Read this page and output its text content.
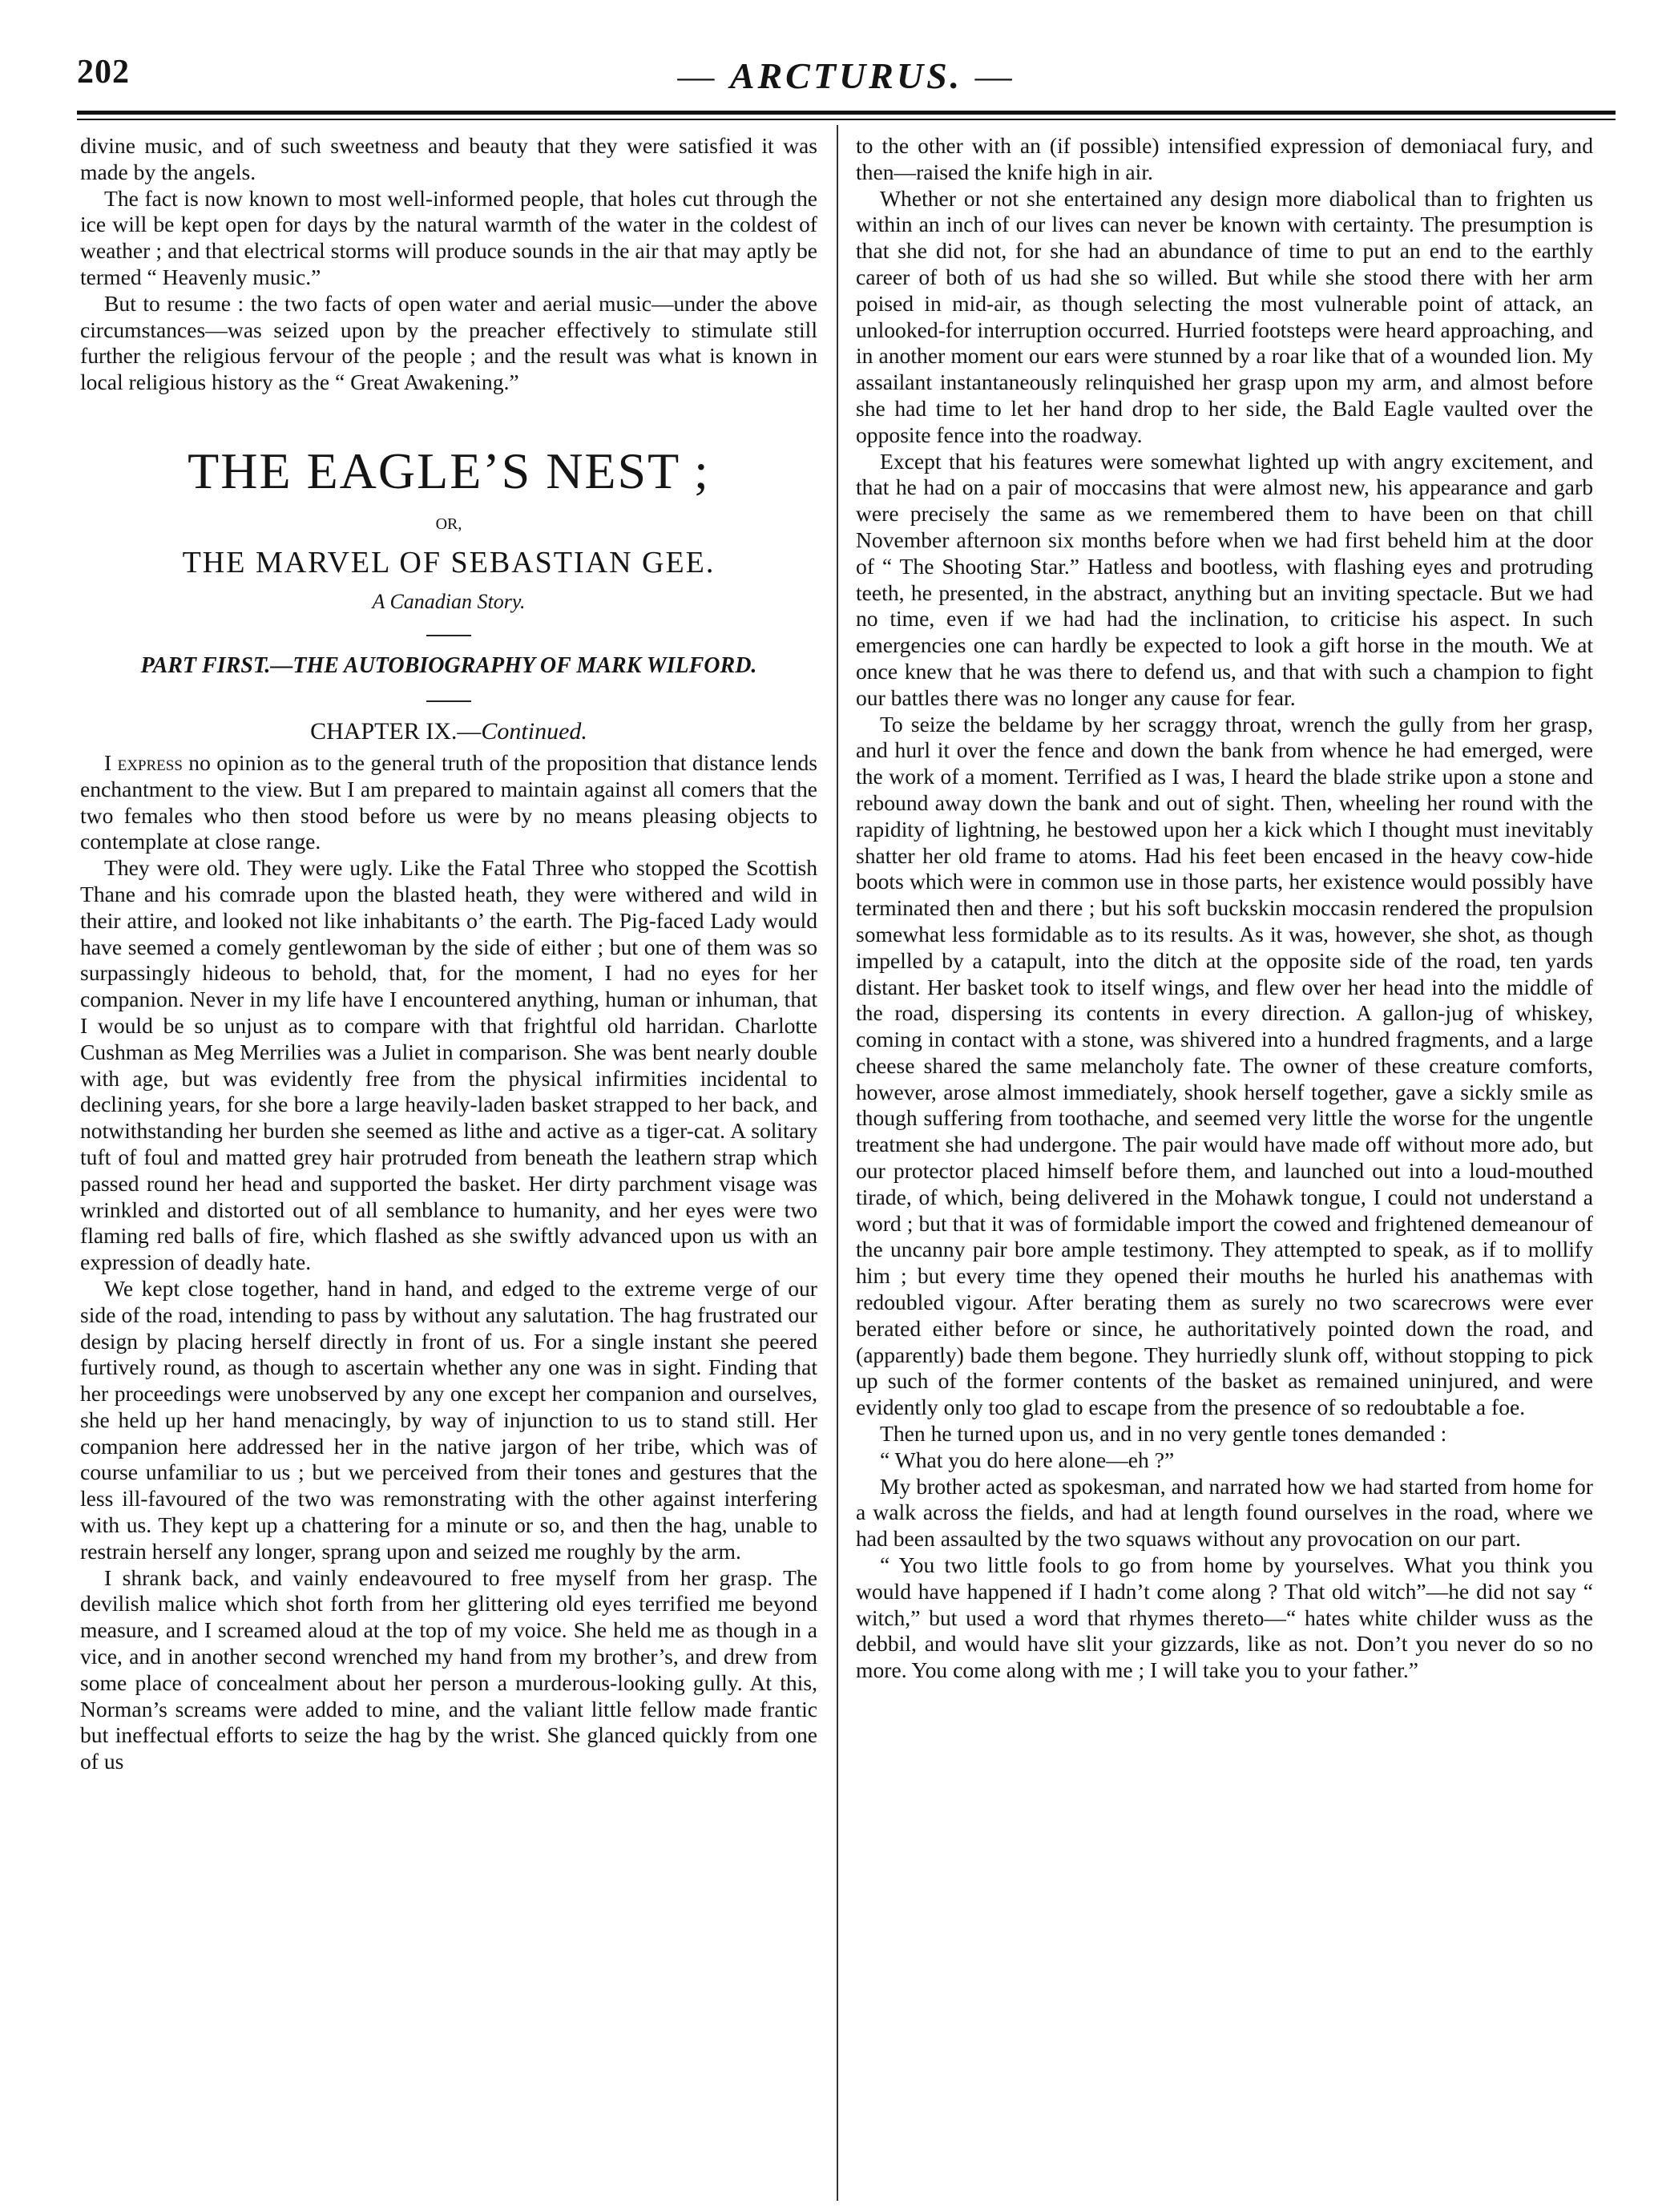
202	— ARCTURUS. —

divine music, and of such sweetness and beauty that they were satisfied it was made by the angels.

The fact is now known to most well-informed people, that holes cut through the ice will be kept open for days by the natural warmth of the water in the coldest of weather ; and that electrical storms will produce sounds in the air that may aptly be termed “ Heavenly music.”

But to resume : the two facts of open water and aerial music—under the above circumstances—was seized upon by the preacher effectively to stimulate still further the religious fervour of the people ; and the result was what is known in local religious history as the “ Great Awakening.”

THE EAGLE’S NEST ;
OR,
THE MARVEL OF SEBASTIAN GEE.
A Canadian Story.
PART FIRST.—THE AUTOBIOGRAPHY OF MARK WILFORD.
CHAPTER IX.—Continued.

I express no opinion as to the general truth of the proposition that distance lends enchantment to the view. But I am prepared to maintain against all comers that the two females who then stood before us were by no means pleasing objects to contemplate at close range.

They were old. They were ugly. Like the Fatal Three who stopped the Scottish Thane and his comrade upon the blasted heath, they were withered and wild in their attire, and looked not like inhabitants o’ the earth. The Pig-faced Lady would have seemed a comely gentlewoman by the side of either ; but one of them was so surpassingly hideous to behold, that, for the moment, I had no eyes for her companion. Never in my life have I encountered anything, human or inhuman, that I would be so unjust as to compare with that frightful old harridan. Charlotte Cushman as Meg Merrilies was a Juliet in comparison. She was bent nearly double with age, but was evidently free from the physical infirmities incidental to declining years, for she bore a large heavily-laden basket strapped to her back, and notwithstanding her burden she seemed as lithe and active as a tiger-cat. A solitary tuft of foul and matted grey hair protruded from beneath the leathern strap which passed round her head and supported the basket. Her dirty parchment visage was wrinkled and distorted out of all semblance to humanity, and her eyes were two flaming red balls of fire, which flashed as she swiftly advanced upon us with an expression of deadly hate.

We kept close together, hand in hand, and edged to the extreme verge of our side of the road, intending to pass by without any salutation. The hag frustrated our design by placing herself directly in front of us. For a single instant she peered furtively round, as though to ascertain whether any one was in sight. Finding that her proceedings were unobserved by any one except her companion and ourselves, she held up her hand menacingly, by way of injunction to us to stand still. Her companion here addressed her in the native jargon of her tribe, which was of course unfamiliar to us ; but we perceived from their tones and gestures that the less ill-favoured of the two was remonstrating with the other against interfering with us. They kept up a chattering for a minute or so, and then the hag, unable to restrain herself any longer, sprang upon and seized me roughly by the arm.

I shrank back, and vainly endeavoured to free myself from her grasp. The devilish malice which shot forth from her glittering old eyes terrified me beyond measure, and I screamed aloud at the top of my voice. She held me as though in a vice, and in another second wrenched my hand from my brother’s, and drew from some place of concealment about her person a murderous-looking gully. At this, Norman’s screams were added to mine, and the valiant little fellow made frantic but ineffectual efforts to seize the hag by the wrist. She glanced quickly from one of us

to the other with an (if possible) intensified expression of demoniacal fury, and then—raised the knife high in air.

Whether or not she entertained any design more diabolical than to frighten us within an inch of our lives can never be known with certainty. The presumption is that she did not, for she had an abundance of time to put an end to the earthly career of both of us had she so willed. But while she stood there with her arm poised in mid-air, as though selecting the most vulnerable point of attack, an unlooked-for interruption occurred. Hurried footsteps were heard approaching, and in another moment our ears were stunned by a roar like that of a wounded lion. My assailant instantaneously relinquished her grasp upon my arm, and almost before she had time to let her hand drop to her side, the Bald Eagle vaulted over the opposite fence into the roadway.

Except that his features were somewhat lighted up with angry excitement, and that he had on a pair of moccasins that were almost new, his appearance and garb were precisely the same as we remembered them to have been on that chill November afternoon six months before when we had first beheld him at the door of “ The Shooting Star.” Hatless and bootless, with flashing eyes and protruding teeth, he presented, in the abstract, anything but an inviting spectacle. But we had no time, even if we had had the inclination, to criticise his aspect. In such emergencies one can hardly be expected to look a gift horse in the mouth. We at once knew that he was there to defend us, and that with such a champion to fight our battles there was no longer any cause for fear.

To seize the beldame by her scraggy throat, wrench the gully from her grasp, and hurl it over the fence and down the bank from whence he had emerged, were the work of a moment. Terrified as I was, I heard the blade strike upon a stone and rebound away down the bank and out of sight. Then, wheeling her round with the rapidity of lightning, he bestowed upon her a kick which I thought must inevitably shatter her old frame to atoms. Had his feet been encased in the heavy cow-hide boots which were in common use in those parts, her existence would possibly have terminated then and there ; but his soft buckskin moccasin rendered the propulsion somewhat less formidable as to its results. As it was, however, she shot, as though impelled by a catapult, into the ditch at the opposite side of the road, ten yards distant. Her basket took to itself wings, and flew over her head into the middle of the road, dispersing its contents in every direction. A gallon-jug of whiskey, coming in contact with a stone, was shivered into a hundred fragments, and a large cheese shared the same melancholy fate. The owner of these creature comforts, however, arose almost immediately, shook herself together, gave a sickly smile as though suffering from toothache, and seemed very little the worse for the ungentle treatment she had undergone. The pair would have made off without more ado, but our protector placed himself before them, and launched out into a loud-mouthed tirade, of which, being delivered in the Mohawk tongue, I could not understand a word ; but that it was of formidable import the cowed and frightened demeanour of the uncanny pair bore ample testimony. They attempted to speak, as if to mollify him ; but every time they opened their mouths he hurled his anathemas with redoubled vigour. After berating them as surely no two scarecrows were ever berated either before or since, he authoritatively pointed down the road, and (apparently) bade them begone. They hurriedly slunk off, without stopping to pick up such of the former contents of the basket as remained uninjured, and were evidently only too glad to escape from the presence of so redoubtable a foe.

Then he turned upon us, and in no very gentle tones demanded :

“ What you do here alone—eh ?”

My brother acted as spokesman, and narrated how we had started from home for a walk across the fields, and had at length found ourselves in the road, where we had been assaulted by the two squaws without any provocation on our part.

“ You two little fools to go from home by yourselves. What you think you would have happened if I hadn’t come along ? That old witch”—he did not say “ witch,” but used a word that rhymes thereto—“ hates white childer wuss as the debbil, and would have slit your gizzards, like as not. Don’t you never do so no more. You come along with me ; I will take you to your father.”
